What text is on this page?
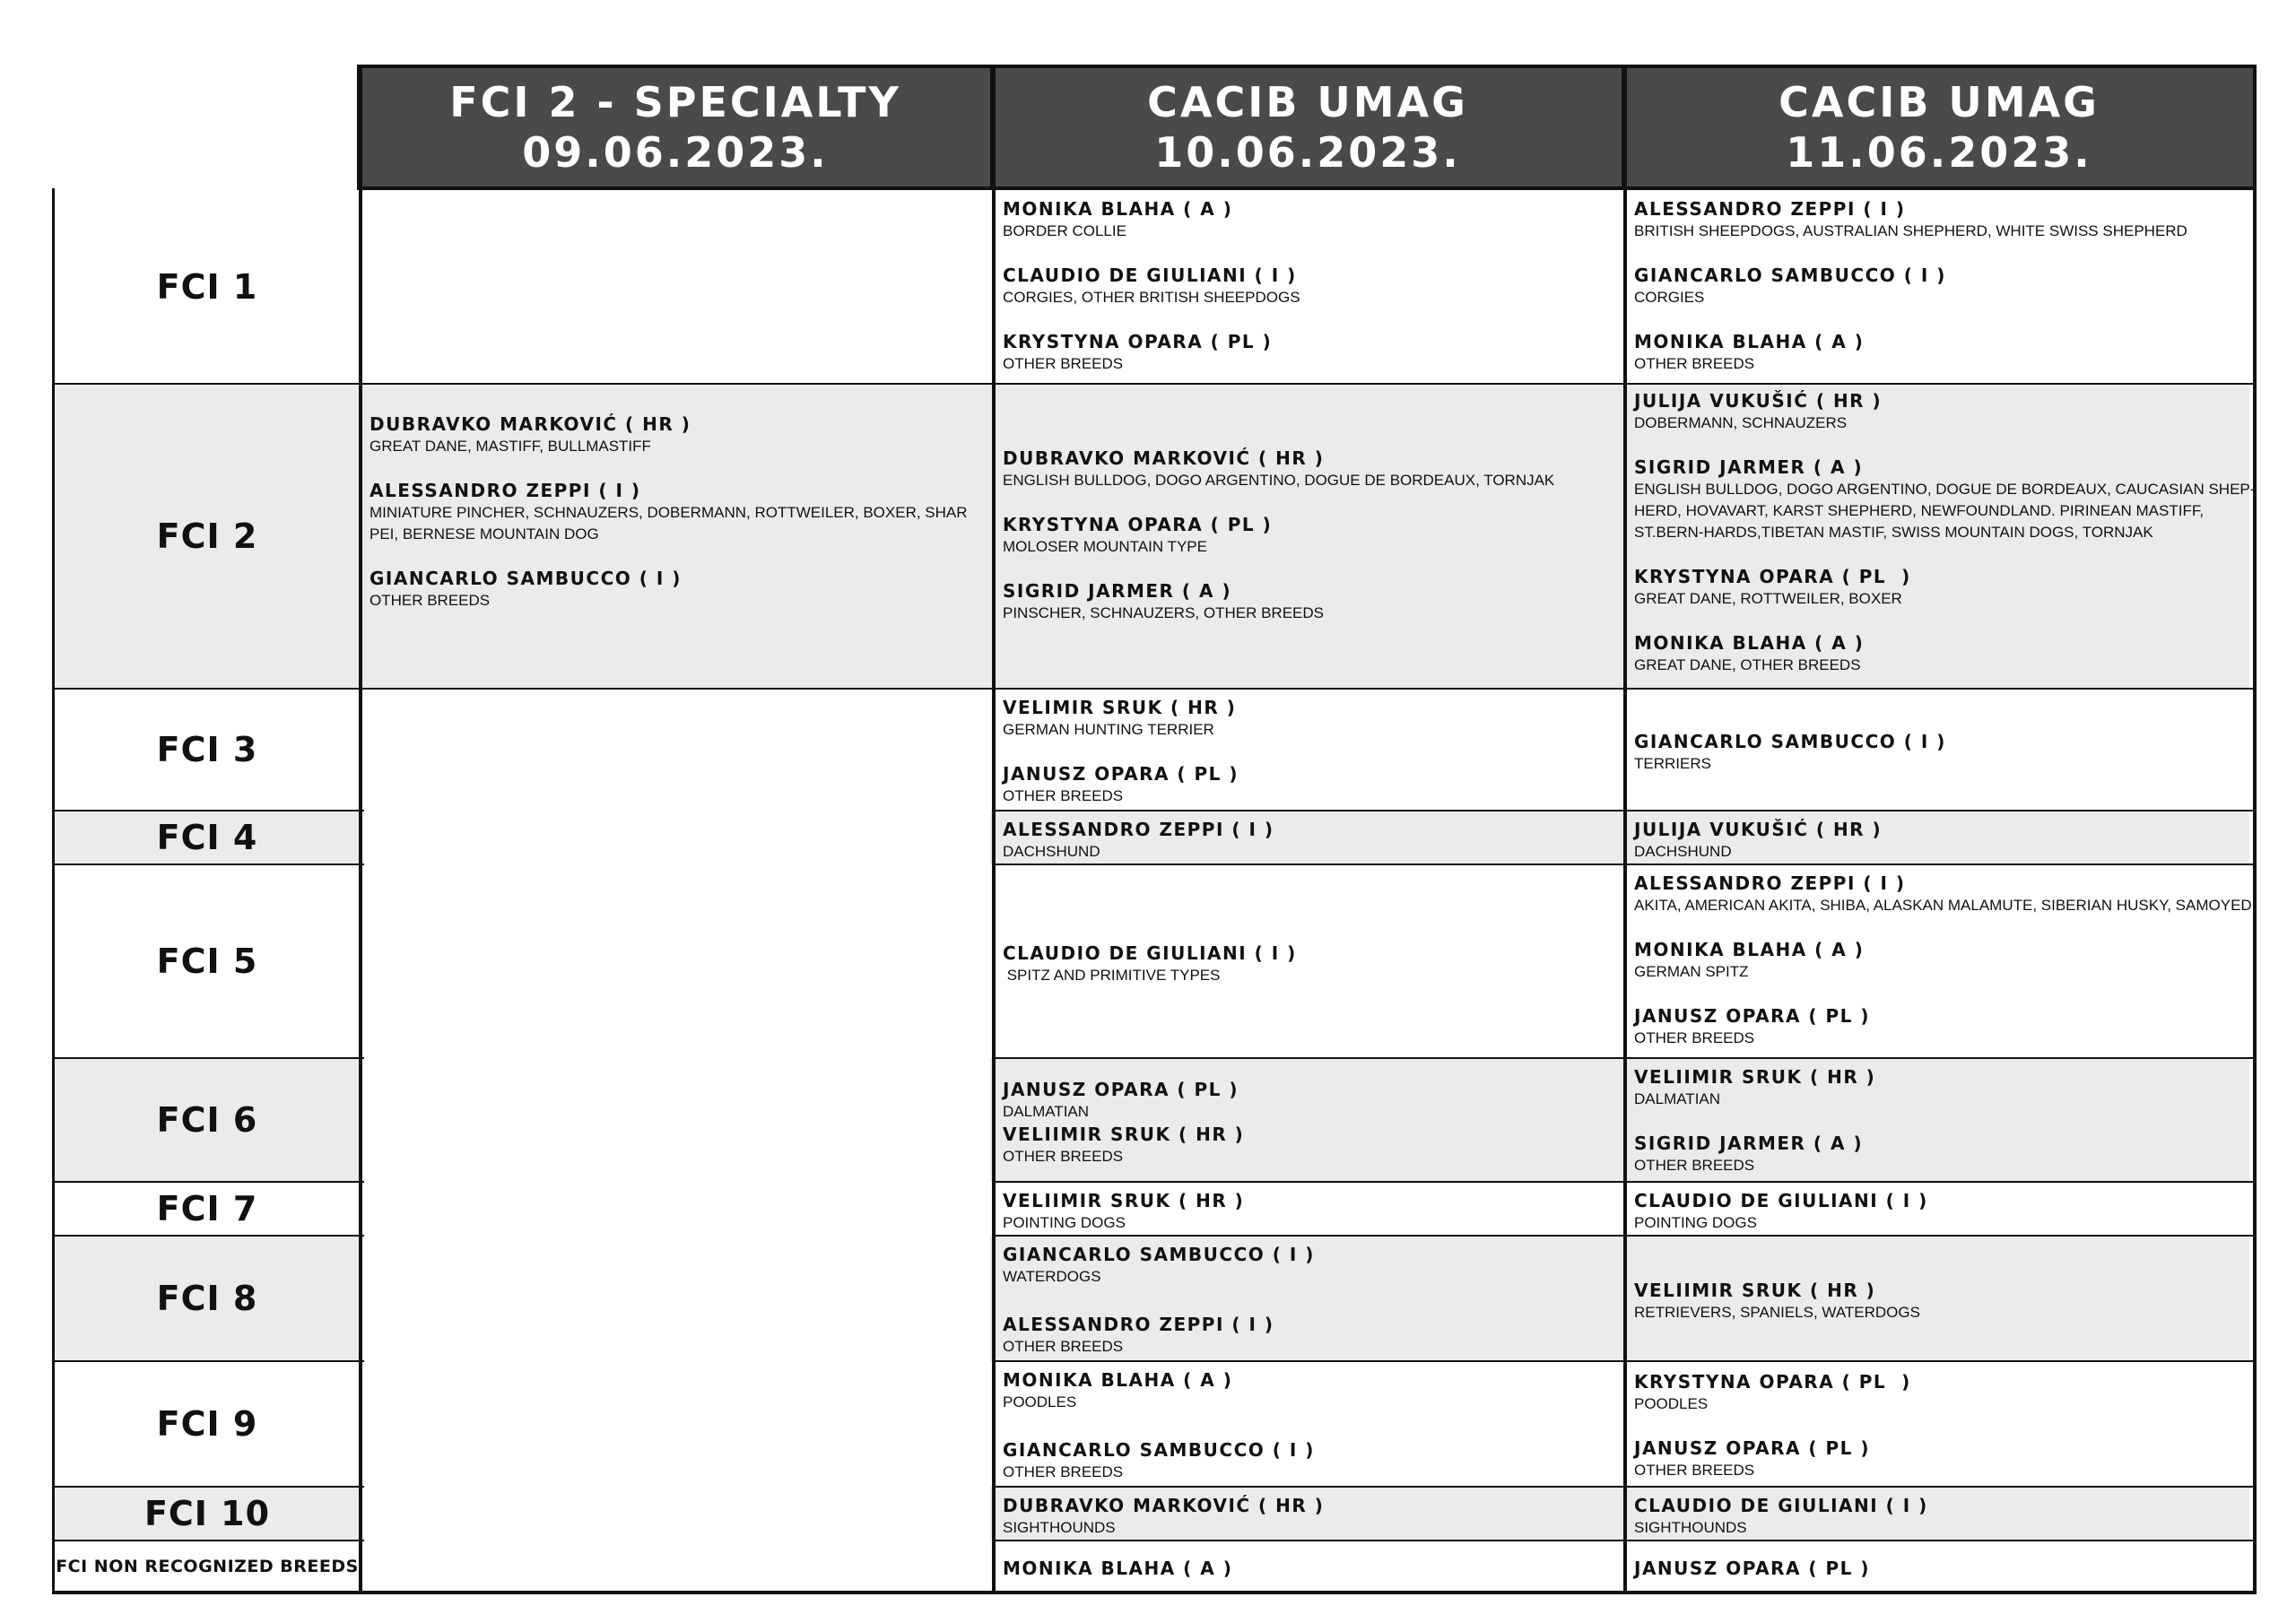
FCI 2 - SPECIALTY
09.06.2023.
CACIB UMAG
10.06.2023.
CACIB UMAG
11.06.2023.
FCI 1
FCI 2
FCI 3
FCI 4
FCI 5
FCI 6
FCI 7
FCI 8
FCI 9
FCI 10
FCI NON RECOGNIZED BREEDS
DUBRAVKO MARKOVIĆ ( HR )
GREAT DANE, MASTIFF, BULLMASTIFF
ALESSANDRO ZEPPI ( I )
MINIATURE PINCHER, SCHNAUZERS, DOBERMANN, ROTTWEILER, BOXER, SHAR PEI, BERNESE MOUNTAIN DOG
GIANCARLO SAMBUCCO ( I )
OTHER BREEDS
MONIKA BLAHA ( A )
BORDER COLLIE
CLAUDIO DE GIULIANI ( I )
CORGIES, OTHER BRITISH SHEEPDOGS
KRYSTYNA OPARA ( PL )
OTHER BREEDS
DUBRAVKO MARKOVIĆ ( HR )
ENGLISH BULLDOG, DOGO ARGENTINO, DOGUE DE BORDEAUX, TORNJAK
KRYSTYNA OPARA ( PL )
MOLOSER MOUNTAIN TYPE
SIGRID JARMER ( A )
PINSCHER, SCHNAUZERS, OTHER BREEDS
VELIMIR SRUK ( HR )
GERMAN HUNTING TERRIER
JANUSZ OPARA ( PL )
OTHER BREEDS
ALESSANDRO ZEPPI ( I )
DACHSHUND
CLAUDIO DE GIULIANI ( I )
SPITZ AND PRIMITIVE TYPES
JANUSZ OPARA ( PL )
DALMATIAN
VELIIMIR SRUK ( HR )
OTHER BREEDS
VELIIMIR SRUK ( HR )
POINTING DOGS
GIANCARLO SAMBUCCO ( I )
WATERDOGS
ALESSANDRO ZEPPI ( I )
OTHER BREEDS
MONIKA BLAHA ( A )
POODLES
GIANCARLO SAMBUCCO ( I )
OTHER BREEDS
DUBRAVKO MARKOVIĆ ( HR )
SIGHTHOUNDS
MONIKA BLAHA ( A )
ALESSANDRO ZEPPI ( I )
BRITISH SHEEPDOGS, AUSTRALIAN SHEPHERD, WHITE SWISS SHEPHERD
GIANCARLO SAMBUCCO ( I )
CORGIES
MONIKA BLAHA ( A )
OTHER BREEDS
JULIJA VUKUŠIĆ ( HR )
DOBERMANN, SCHNAUZERS
SIGRID JARMER ( A )
ENGLISH BULLDOG, DOGO ARGENTINO, DOGUE DE BORDEAUX, CAUCASIAN SHEP-HERD, HOVAVART, KARST SHEPHERD, NEWFOUNDLAND. PIRINEAN MASTIFF, ST.BERN-HARDS,TIBETAN MASTIF, SWISS MOUNTAIN DOGS, TORNJAK
KRYSTYNA OPARA ( PL  )
GREAT DANE, ROTTWEILER, BOXER
MONIKA BLAHA ( A )
GREAT DANE, OTHER BREEDS
GIANCARLO SAMBUCCO ( I )
TERRIERS
JULIJA VUKUŠIĆ ( HR )
DACHSHUND
ALESSANDRO ZEPPI ( I )
AKITA, AMERICAN AKITA, SHIBA, ALASKAN MALAMUTE, SIBERIAN HUSKY, SAMOYED
MONIKA BLAHA ( A )
GERMAN SPITZ
JANUSZ OPARA ( PL )
OTHER BREEDS
VELIIMIR SRUK ( HR )
DALMATIAN
SIGRID JARMER ( A )
OTHER BREEDS
CLAUDIO DE GIULIANI ( I )
POINTING DOGS
VELIIMIR SRUK ( HR )
RETRIEVERS, SPANIELS, WATERDOGS
KRYSTYNA OPARA ( PL  )
POODLES
JANUSZ OPARA ( PL )
OTHER BREEDS
CLAUDIO DE GIULIANI ( I )
SIGHTHOUNDS
JANUSZ OPARA ( PL )
